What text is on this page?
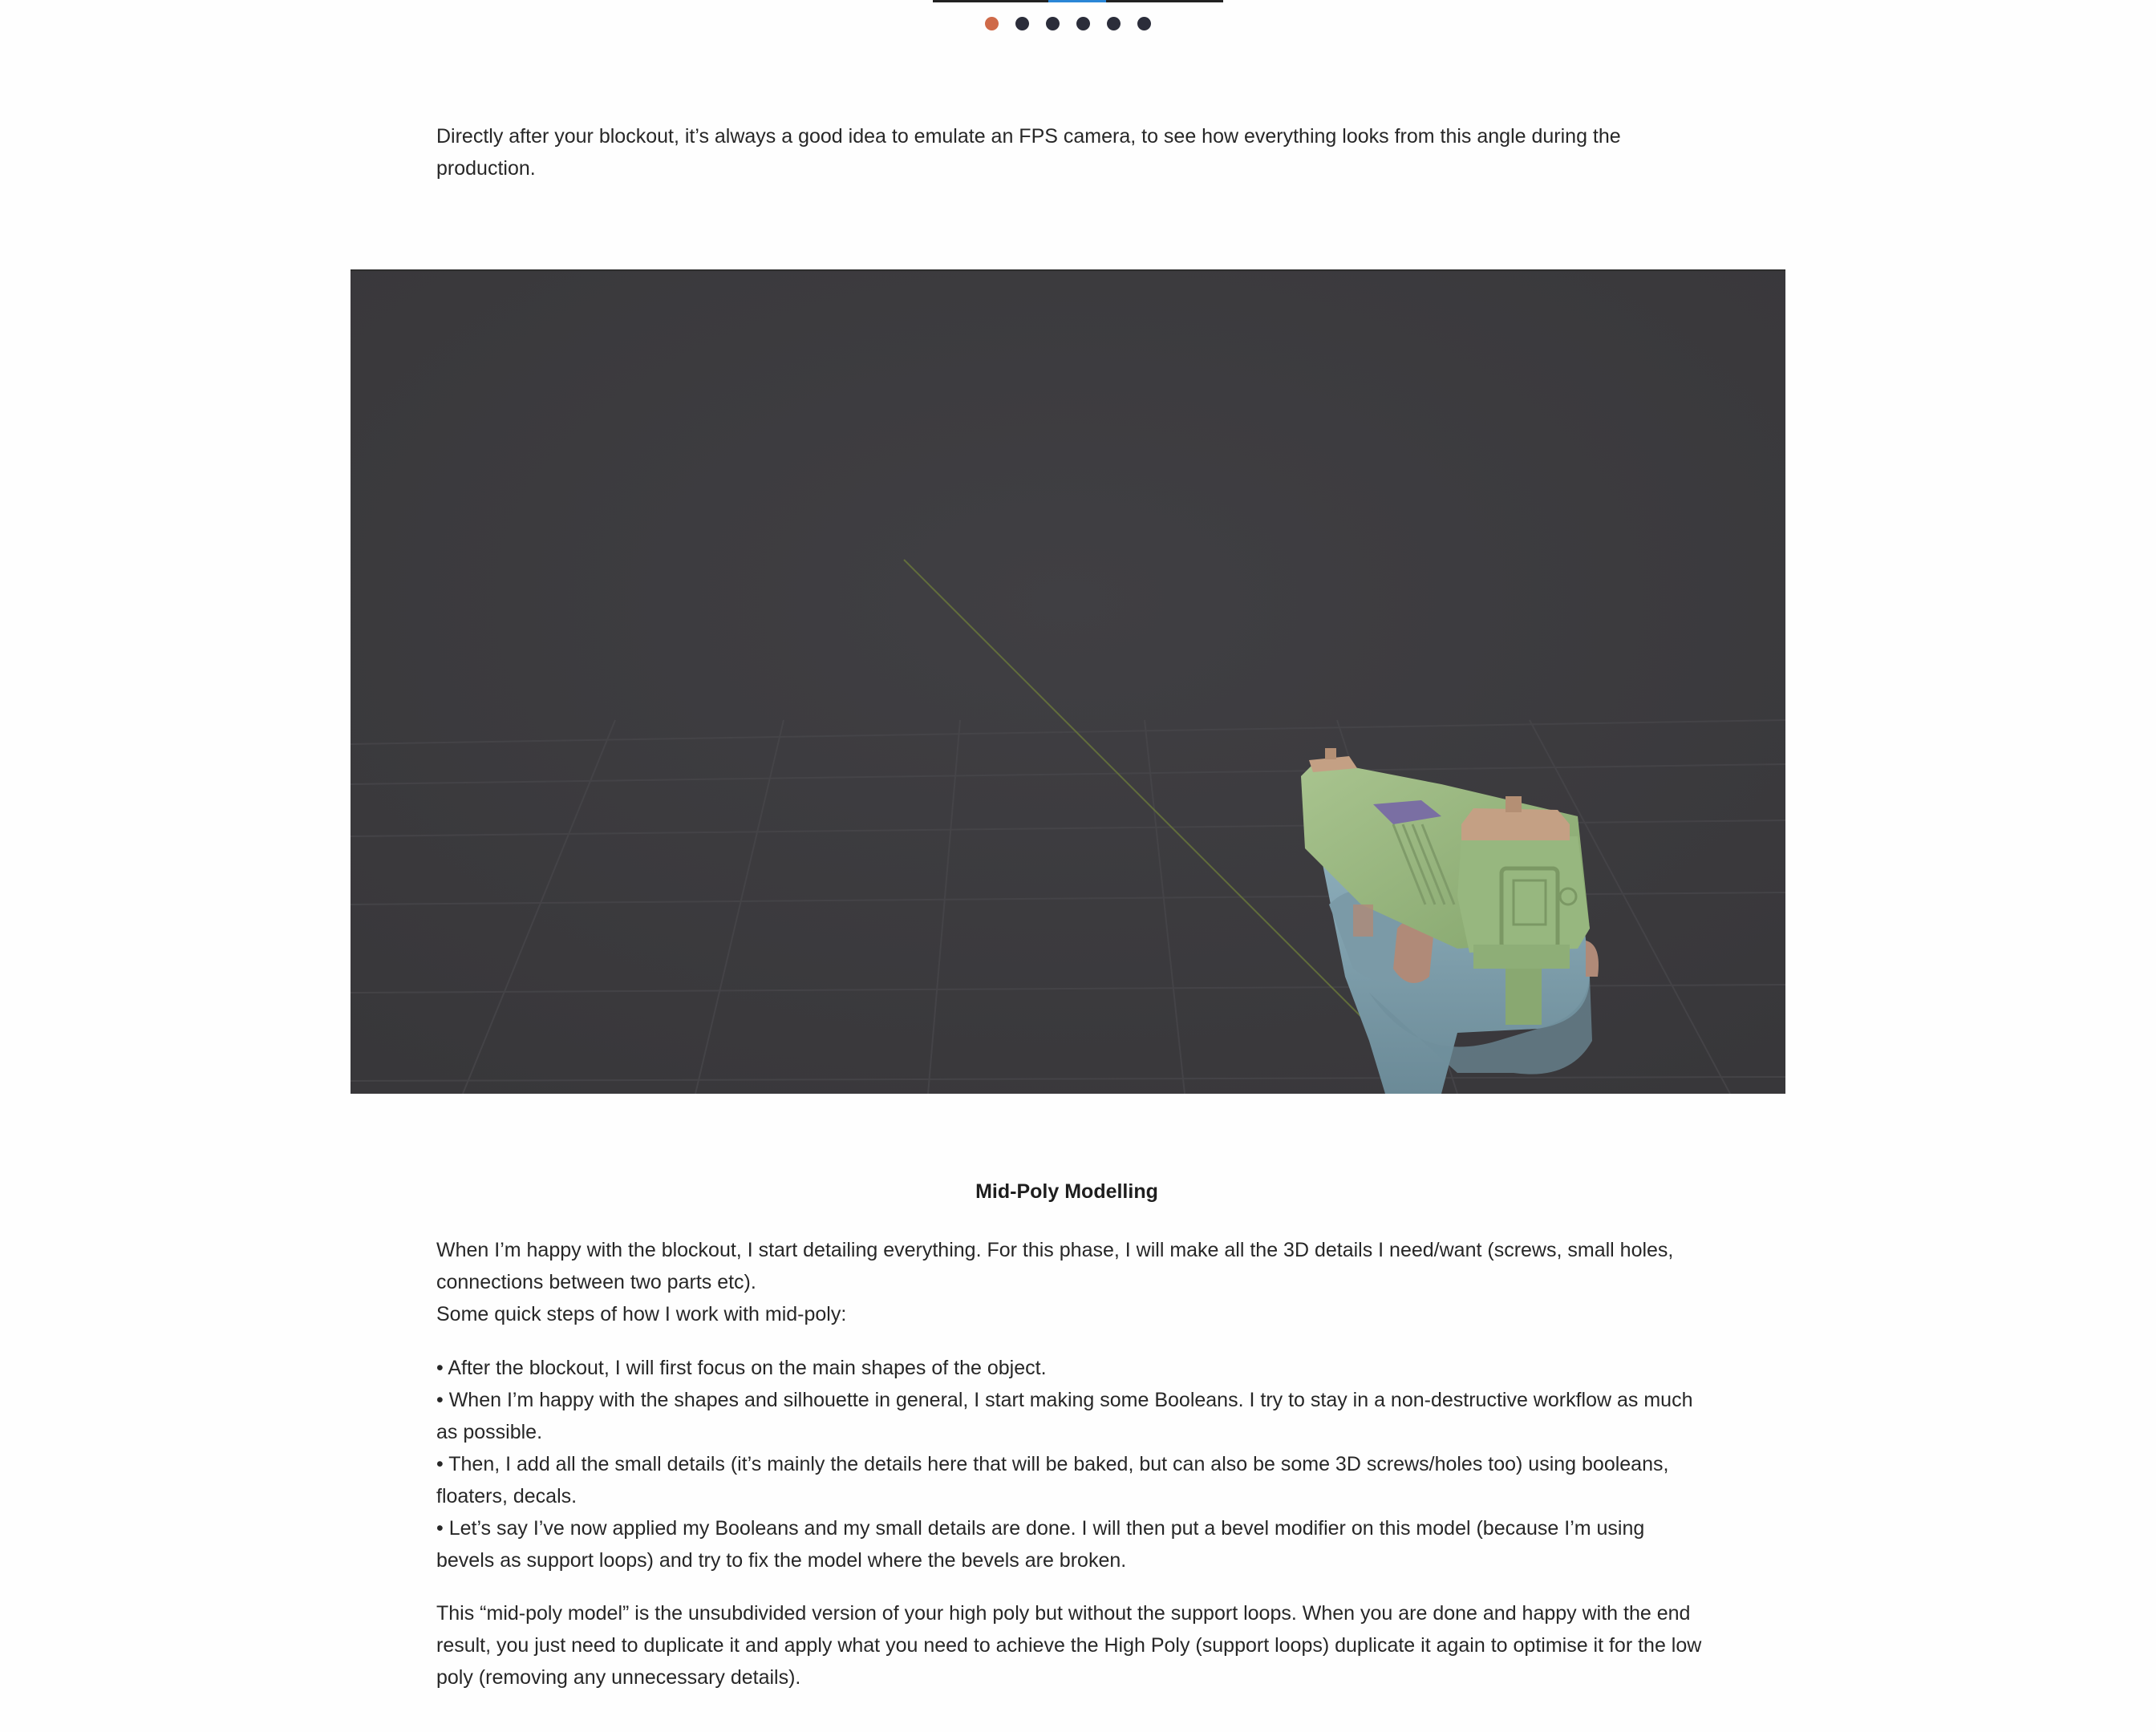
Directly after your blockout, it’s always a good idea to emulate an FPS camera, to see how everything looks from this angle during the production.

Mid-Poly Modelling

When I’m happy with the blockout, I start detailing everything. For this phase, I will make all the 3D details I need/want (screws, small holes, connections between two parts etc).

Some quick steps of how I work with mid-poly:

• After the blockout, I will first focus on the main shapes of the object.
• When I’m happy with the shapes and silhouette in general, I start making some Booleans. I try to stay in a non-destructive workflow as much as possible.
• Then, I add all the small details (it’s mainly the details here that will be baked, but can also be some 3D screws/holes too) using booleans, floaters, decals.
• Let’s say I’ve now applied my Booleans and my small details are done. I will then put a bevel modifier on this model (because I’m using bevels as support loops) and try to fix the model where the bevels are broken.

This “mid-poly model” is the unsubdivided version of your high poly but without the support loops. When you are done and happy with the end result, you just need to duplicate it and apply what you need to achieve the High Poly (support loops) duplicate it again to optimise it for the low poly (removing any unnecessary details).
